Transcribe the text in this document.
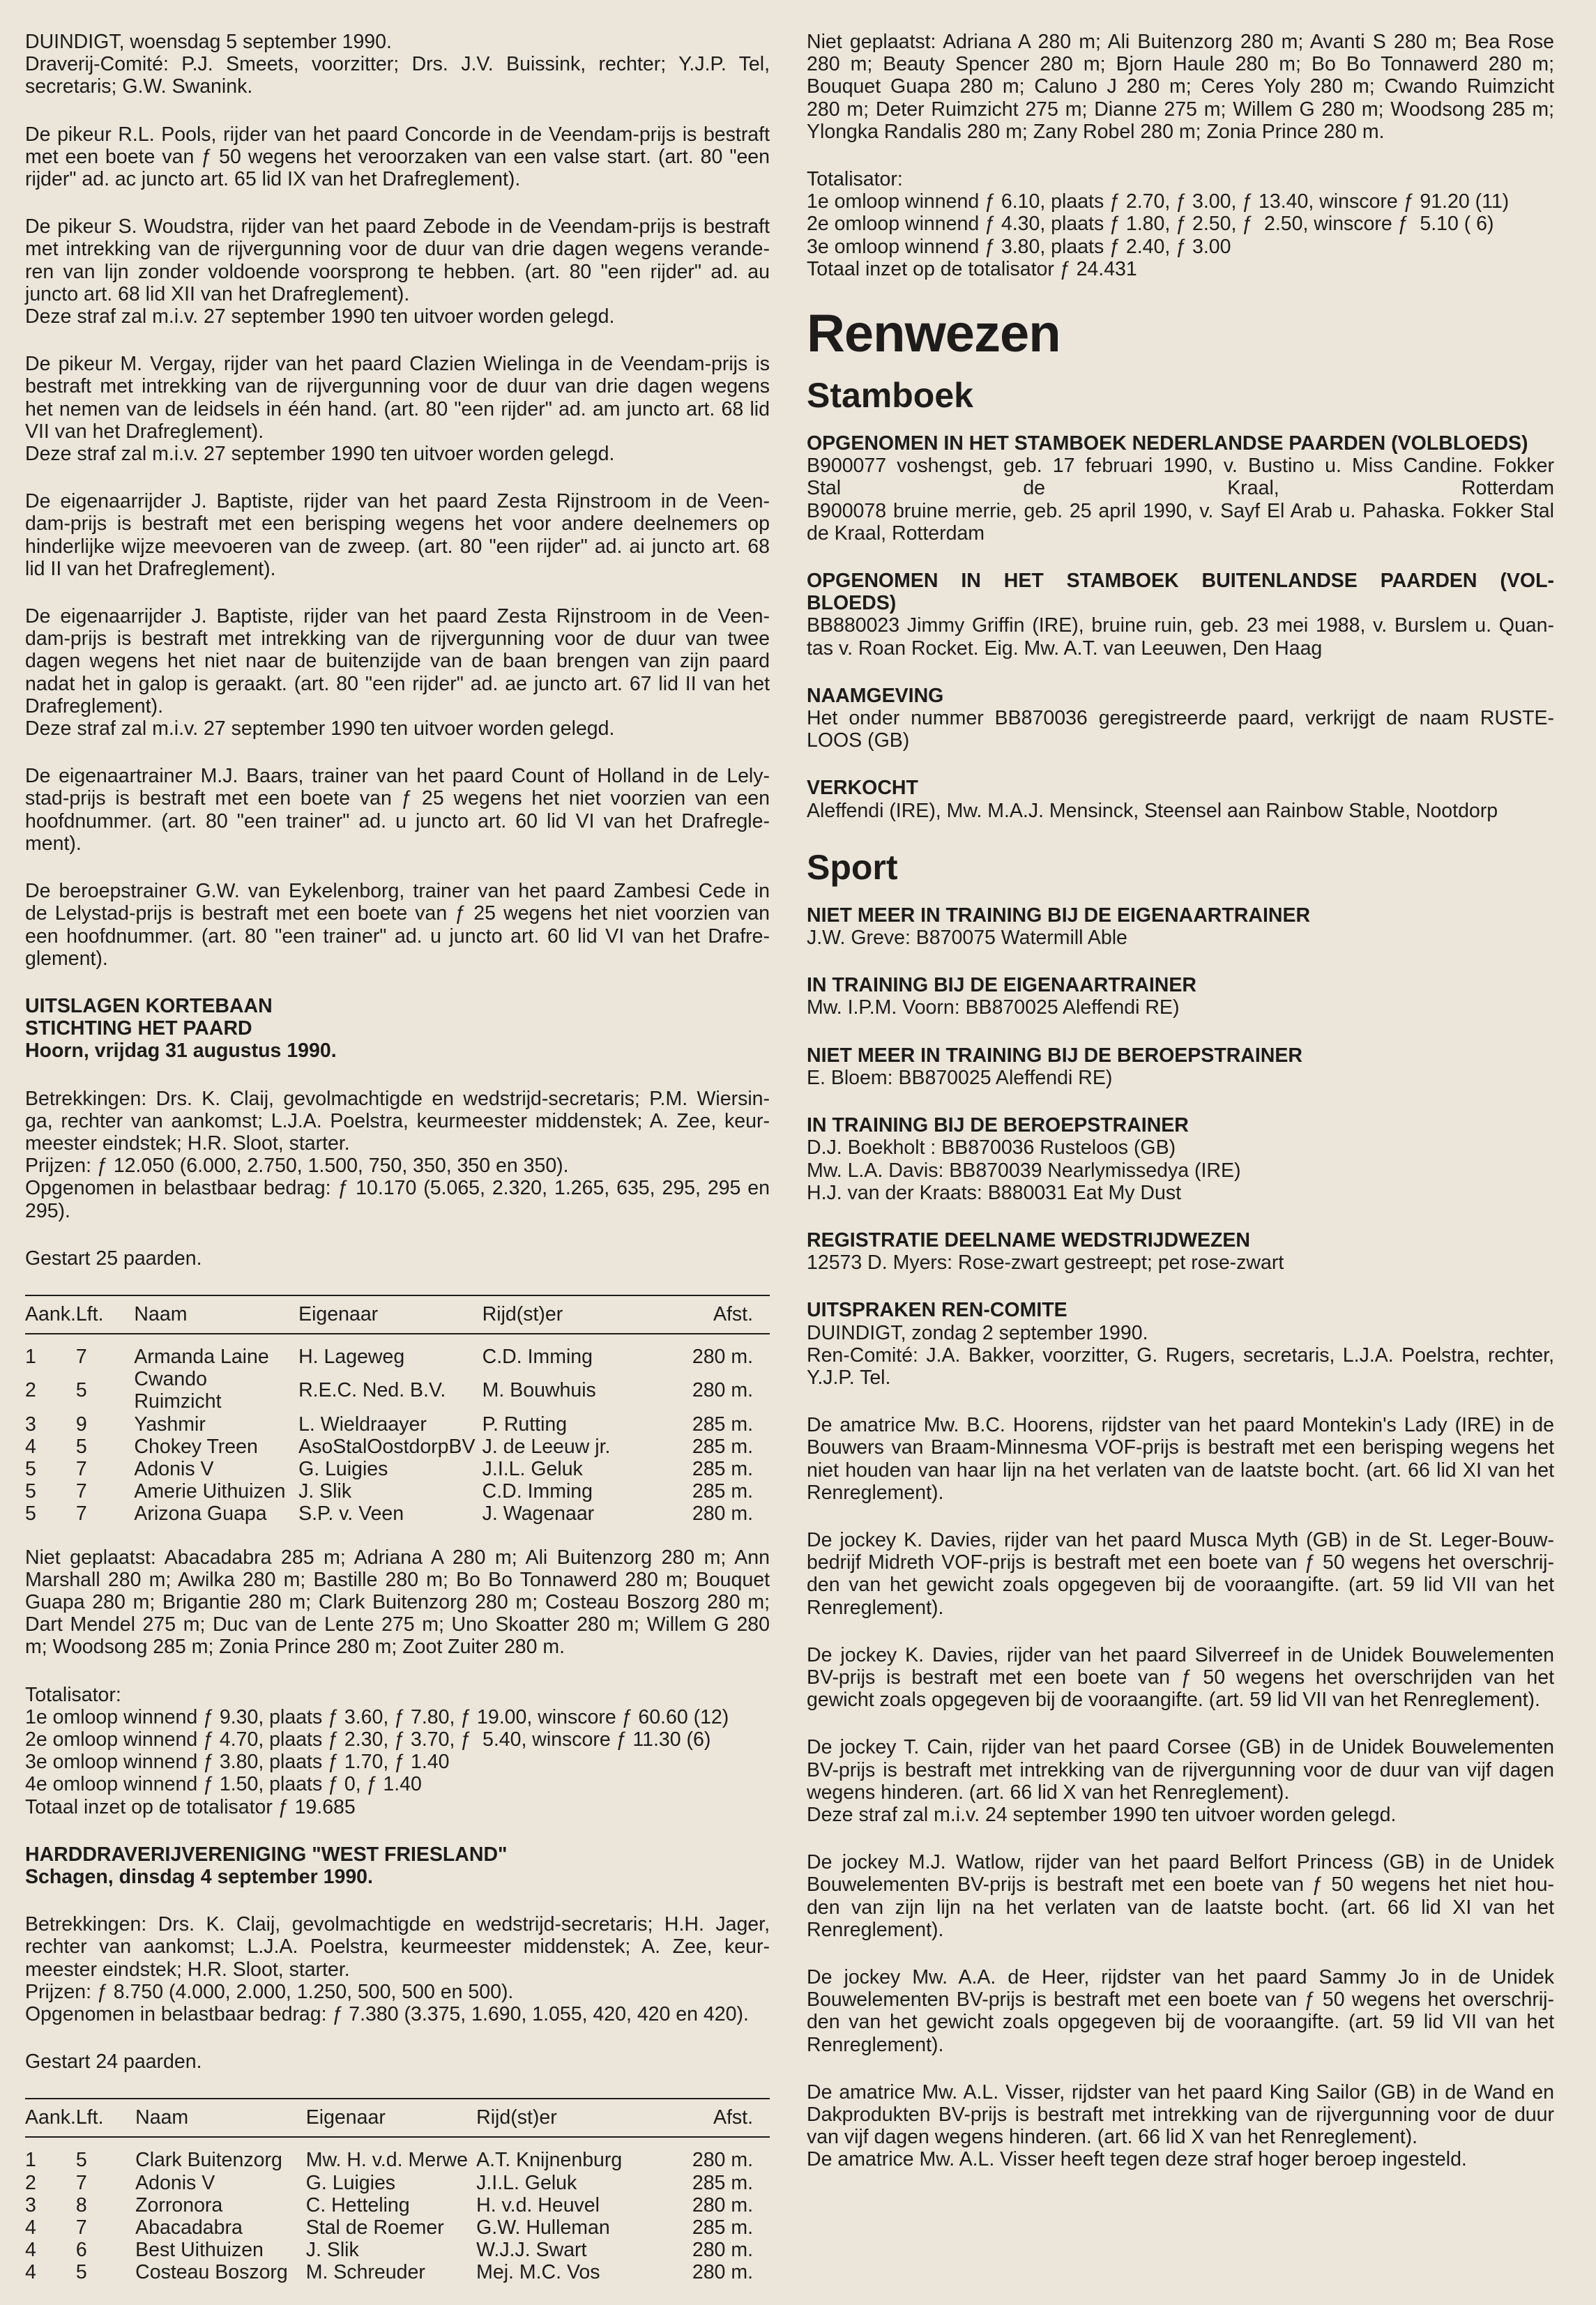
DUINDIGT, woensdag 5 september 1990.
Draverij-Comité: P.J. Smeets, voorzitter; Drs. J.V. Buissink, rechter; Y.J.P. Tel,
secretaris; G.W. Swanink.

De pikeur R.L. Pools, rijder van het paard Concorde in de Veendam-prijs is bestraft
met een boete van ƒ 50 wegens het veroorzaken van een valse start. (art. 80 "een
rijder" ad. ac juncto art. 65 lid IX van het Drafreglement).

De pikeur S. Woudstra, rijder van het paard Zebode in de Veendam-prijs is bestraft
met intrekking van de rijvergunning voor de duur van drie dagen wegens verande-
ren van lijn zonder voldoende voorsprong te hebben. (art. 80 "een rijder" ad. au
juncto art. 68 lid XII van het Drafreglement).
Deze straf zal m.i.v. 27 september 1990 ten uitvoer worden gelegd.

De pikeur M. Vergay, rijder van het paard Clazien Wielinga in de Veendam-prijs is
bestraft met intrekking van de rijvergunning voor de duur van drie dagen wegens
het nemen van de leidsels in één hand. (art. 80 "een rijder" ad. am juncto art. 68 lid
VII van het Drafreglement).
Deze straf zal m.i.v. 27 september 1990 ten uitvoer worden gelegd.

De eigenaarrijder J. Baptiste, rijder van het paard Zesta Rijnstroom in de Veen-
dam-prijs is bestraft met een berisping wegens het voor andere deelnemers op
hinderlijke wijze meevoeren van de zweep. (art. 80 "een rijder" ad. ai juncto art. 68
lid II van het Drafreglement).

De eigenaarrijder J. Baptiste, rijder van het paard Zesta Rijnstroom in de Veen-
dam-prijs is bestraft met intrekking van de rijvergunning voor de duur van twee
dagen wegens het niet naar de buitenzijde van de baan brengen van zijn paard
nadat het in galop is geraakt. (art. 80 "een rijder" ad. ae juncto art. 67 lid II van het
Drafreglement).
Deze straf zal m.i.v. 27 september 1990 ten uitvoer worden gelegd.

De eigenaartrainer M.J. Baars, trainer van het paard Count of Holland in de Lely-
stad-prijs is bestraft met een boete van ƒ 25 wegens het niet voorzien van een
hoofdnummer. (art. 80 "een trainer" ad. u juncto art. 60 lid VI van het Drafregle-
ment).

De beroepstrainer G.W. van Eykelenborg, trainer van het paard Zambesi Cede in
de Lelystad-prijs is bestraft met een boete van ƒ 25 wegens het niet voorzien van
een hoofdnummer. (art. 80 "een trainer" ad. u juncto art. 60 lid VI van het Drafre-
glement).

UITSLAGEN KORTEBAAN
STICHTING HET PAARD
Hoorn, vrijdag 31 augustus 1990.
Betrekkingen: Drs. K. Claij, gevolmachtigde en wedstrijd-secretaris; P.M. Wiersin-
ga, rechter van aankomst; L.J.A. Poelstra, keurmeester middenstek; A. Zee, keur-
meester eindstek; H.R. Sloot, starter.
Prijzen: ƒ 12.050 (6.000, 2.750, 1.500, 750, 350, 350 en 350).
Opgenomen in belastbaar bedrag: ƒ 10.170 (5.065, 2.320, 1.265, 635, 295, 295 en
295).

Gestart 25 paarden.

Aank.	Lft.	Naam	Eigenaar	Rijd(st)er	Afst.
1	7	Armanda Laine	H. Lageweg	C.D. Imming	280 m.
2	5	Cwando Ruimzicht	R.E.C. Ned. B.V.	M. Bouwhuis	280 m.
3	9	Yashmir	L. Wieldraayer	P. Rutting	285 m.
4	5	Chokey Treen	AsoStalOostdorpBV	J. de Leeuw jr.	285 m.
5	7	Adonis V	G. Luigies	J.I.L. Geluk	285 m.
5	7	Amerie Uithuizen	J. Slik	C.D. Imming	285 m.
5	7	Arizona Guapa	S.P. v. Veen	J. Wagenaar	280 m.
Niet geplaatst: Abacadabra 285 m; Adriana A 280 m; Ali Buitenzorg 280 m; Ann
Marshall 280 m; Awilka 280 m; Bastille 280 m; Bo Bo Tonnawerd 280 m; Bouquet
Guapa 280 m; Brigantie 280 m; Clark Buitenzorg 280 m; Costeau Boszorg 280 m;
Dart Mendel 275 m; Duc van de Lente 275 m; Uno Skoatter 280 m; Willem G 280
m; Woodsong 285 m; Zonia Prince 280 m; Zoot Zuiter 280 m.
Totalisator:
1e omloop winnend ƒ 9.30, plaats ƒ 3.60, ƒ 7.80, ƒ 19.00, winscore ƒ 60.60 (12)
2e omloop winnend ƒ 4.70, plaats ƒ 2.30, ƒ 3.70, ƒ  5.40, winscore ƒ 11.30 (6)
3e omloop winnend ƒ 3.80, plaats ƒ 1.70, ƒ 1.40
4e omloop winnend ƒ 1.50, plaats ƒ 0, ƒ 1.40
Totaal inzet op de totalisator ƒ 19.685
HARDDRAVERIJVERENIGING "WEST FRIESLAND"
Schagen, dinsdag 4 september 1990.
Betrekkingen: Drs. K. Claij, gevolmachtigde en wedstrijd-secretaris; H.H. Jager,
rechter van aankomst; L.J.A. Poelstra, keurmeester middenstek; A. Zee, keur-
meester eindstek; H.R. Sloot, starter.
Prijzen: ƒ 8.750 (4.000, 2.000, 1.250, 500, 500 en 500).
Opgenomen in belastbaar bedrag: ƒ 7.380 (3.375, 1.690, 1.055, 420, 420 en 420).

Gestart 24 paarden.

Aank.	Lft.	Naam	Eigenaar	Rijd(st)er	Afst.
1	5	Clark Buitenzorg	Mw. H. v.d. Merwe	A.T. Knijnenburg	280 m.
2	7	Adonis V	G. Luigies	J.I.L. Geluk	285 m.
3	8	Zorronora	C. Hetteling	H. v.d. Heuvel	280 m.
4	7	Abacadabra	Stal de Roemer	G.W. Hulleman	285 m.
4	6	Best Uithuizen	J. Slik	W.J.J. Swart	280 m.
4	5	Costeau Boszorg	M. Schreuder	Mej. M.C. Vos	280 m.
Niet geplaatst: Adriana A 280 m; Ali Buitenzorg 280 m; Avanti S 280 m; Bea Rose
280 m; Beauty Spencer 280 m; Bjorn Haule 280 m; Bo Bo Tonnawerd 280 m;
Bouquet Guapa 280 m; Caluno J 280 m; Ceres Yoly 280 m; Cwando Ruimzicht
280 m; Deter Ruimzicht 275 m; Dianne 275 m; Willem G 280 m; Woodsong 285 m;
Ylongka Randalis 280 m; Zany Robel 280 m; Zonia Prince 280 m.
Totalisator:
1e omloop winnend ƒ 6.10, plaats ƒ 2.70, ƒ 3.00, ƒ 13.40, winscore ƒ 91.20 (11)
2e omloop winnend ƒ 4.30, plaats ƒ 1.80, ƒ 2.50, ƒ  2.50, winscore ƒ  5.10 ( 6)
3e omloop winnend ƒ 3.80, plaats ƒ 2.40, ƒ 3.00
Totaal inzet op de totalisator ƒ 24.431
Renwezen
Stamboek
OPGENOMEN IN HET STAMBOEK NEDERLANDSE PAARDEN (VOLBLOEDS)
B900077 voshengst, geb. 17 februari 1990, v. Bustino u. Miss Candine. Fokker
Stal de Kraal, Rotterdam
B900078 bruine merrie, geb. 25 april 1990, v. Sayf El Arab u. Pahaska. Fokker Stal
de Kraal, Rotterdam
OPGENOMEN IN HET STAMBOEK BUITENLANDSE PAARDEN (VOL-
BLOEDS)
BB880023 Jimmy Griffin (IRE), bruine ruin, geb. 23 mei 1988, v. Burslem u. Quan-
tas v. Roan Rocket. Eig. Mw. A.T. van Leeuwen, Den Haag
NAAMGEVING
Het onder nummer BB870036 geregistreerde paard, verkrijgt de naam RUSTE-
LOOS (GB)
VERKOCHT
Aleffendi (IRE), Mw. M.A.J. Mensinck, Steensel aan Rainbow Stable, Nootdorp
Sport
NIET MEER IN TRAINING BIJ DE EIGENAARTRAINER
J.W. Greve: B870075 Watermill Able
IN TRAINING BIJ DE EIGENAARTRAINER
Mw. I.P.M. Voorn: BB870025 Aleffendi RE)
NIET MEER IN TRAINING BIJ DE BEROEPSTRAINER
E. Bloem: BB870025 Aleffendi RE)
IN TRAINING BIJ DE BEROEPSTRAINER
D.J. Boekholt : BB870036 Rusteloos (GB)
Mw. L.A. Davis: BB870039 Nearlymissedya (IRE)
H.J. van der Kraats: B880031 Eat My Dust
REGISTRATIE DEELNAME WEDSTRIJDWEZEN
12573 D. Myers: Rose-zwart gestreept; pet rose-zwart
UITSPRAKEN REN-COMITE
DUINDIGT, zondag 2 september 1990.
Ren-Comité: J.A. Bakker, voorzitter, G. Rugers, secretaris, L.J.A. Poelstra, rechter,
Y.J.P. Tel.

De amatrice Mw. B.C. Hoorens, rijdster van het paard Montekin's Lady (IRE) in de
Bouwers van Braam-Minnesma VOF-prijs is bestraft met een berisping wegens het
niet houden van haar lijn na het verlaten van de laatste bocht. (art. 66 lid XI van het
Renreglement).

De jockey K. Davies, rijder van het paard Musca Myth (GB) in de St. Leger-Bouw-
bedrijf Midreth VOF-prijs is bestraft met een boete van ƒ 50 wegens het overschrij-
den van het gewicht zoals opgegeven bij de vooraangifte. (art. 59 lid VII van het
Renreglement).

De jockey K. Davies, rijder van het paard Silverreef in de Unidek Bouwelementen
BV-prijs is bestraft met een boete van ƒ 50 wegens het overschrijden van het
gewicht zoals opgegeven bij de vooraangifte. (art. 59 lid VII van het Renreglement).

De jockey T. Cain, rijder van het paard Corsee (GB) in de Unidek Bouwelementen
BV-prijs is bestraft met intrekking van de rijvergunning voor de duur van vijf dagen
wegens hinderen. (art. 66 lid X van het Renreglement).
Deze straf zal m.i.v. 24 september 1990 ten uitvoer worden gelegd.

De jockey M.J. Watlow, rijder van het paard Belfort Princess (GB) in de Unidek
Bouwelementen BV-prijs is bestraft met een boete van ƒ 50 wegens het niet hou-
den van zijn lijn na het verlaten van de laatste bocht. (art. 66 lid XI van het
Renreglement).

De jockey Mw. A.A. de Heer, rijdster van het paard Sammy Jo in de Unidek
Bouwelementen BV-prijs is bestraft met een boete van ƒ 50 wegens het overschrij-
den van het gewicht zoals opgegeven bij de vooraangifte. (art. 59 lid VII van het
Renreglement).

De amatrice Mw. A.L. Visser, rijdster van het paard King Sailor (GB) in de Wand en
Dakprodukten BV-prijs is bestraft met intrekking van de rijvergunning voor de duur
van vijf dagen wegens hinderen. (art. 66 lid X van het Renreglement).
De amatrice Mw. A.L. Visser heeft tegen deze straf hoger beroep ingesteld.
